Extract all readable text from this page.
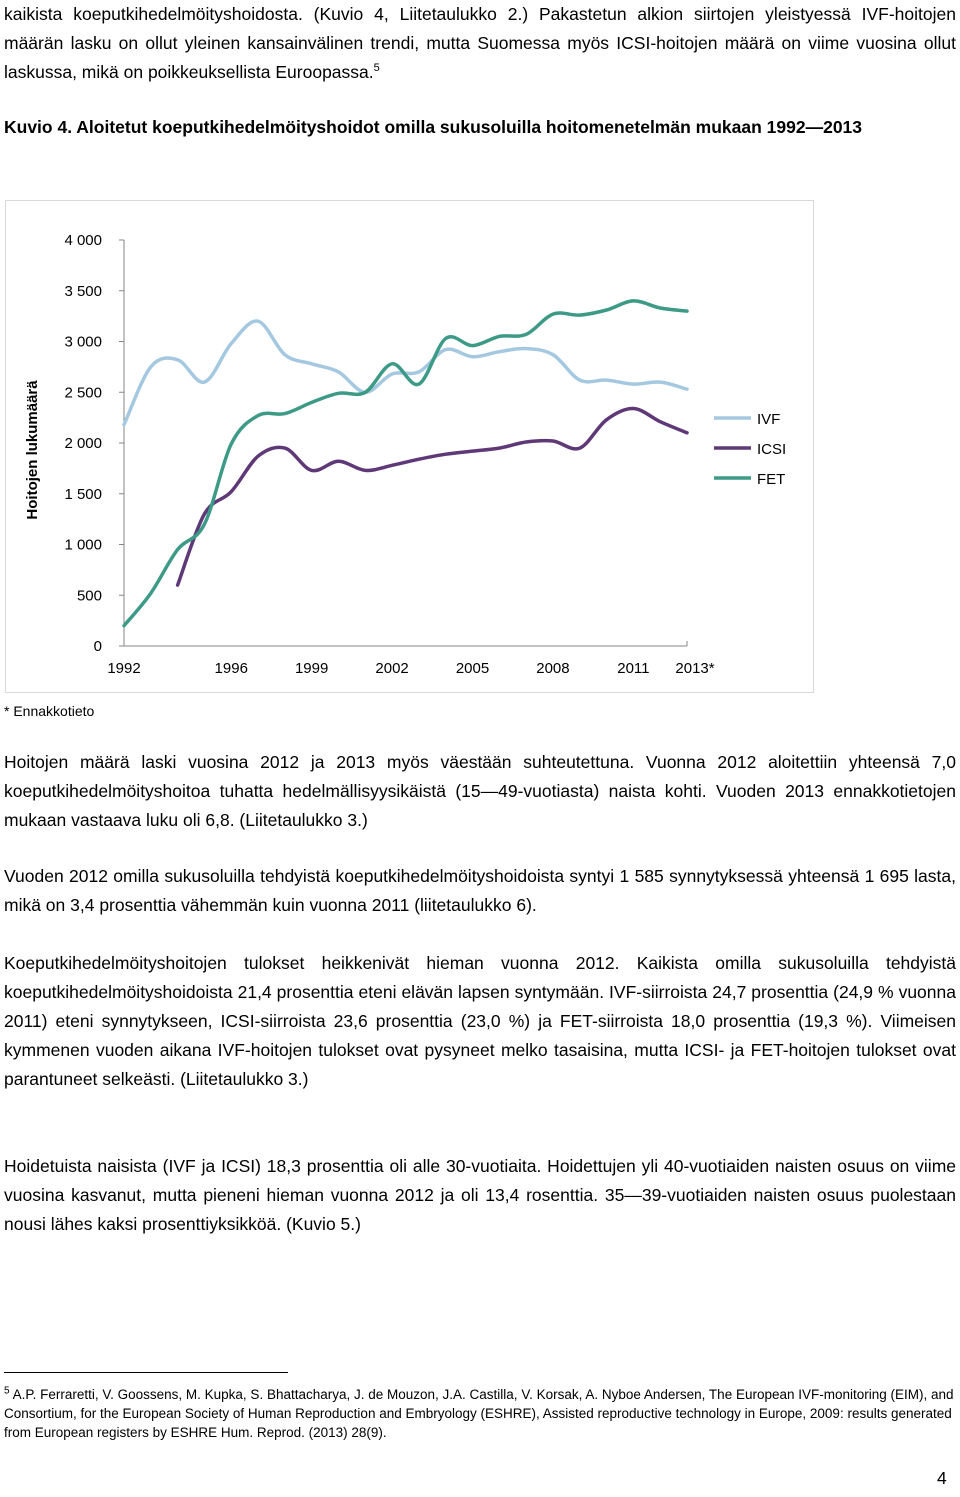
kaikista koeputkihedelmöityshoidosta. (Kuvio 4, Liitetaulukko 2.) Pakastetun alkion siirtojen yleistyessä IVF-hoitojen määrän lasku on ollut yleinen kansainvälinen trendi, mutta Suomessa myös ICSI-hoitojen määrä on viime vuosina ollut laskussa, mikä on poikkeuksellista Euroopassa.$^5$

Kuvio 4. Aloitetut koeputkihedelmöityshoidot omilla sukusoluilla hoitomenetelmän mukaan 1992—2013

0
500
1 000
1 500
2 000
2 500
3 000
3 500
4 000
1992	1996	1999	2002	2005	2008	2011 2013*
IVF
ICSI
FET
Hoitojen lukumäärä

* Ennakkotieto

Hoitojen määrä laski vuosina 2012 ja 2013 myös väestään suhteutettuna. Vuonna 2012 aloitettiin yhteensä 7,0 koeputkihedelmöityshoitoa tuhatta hedelmällisyysikäistä (15—49-vuotiasta) naista kohti. Vuoden 2013 ennakkotietojen mukaan vastaava luku oli 6,8. (Liitetaulukko 3.)

Vuoden 2012 omilla sukusoluilla tehdyistä koeputkihedelmöityshoidoista syntyi 1 585 synnytyksessä yhteensä 1 695 lasta, mikä on 3,4 prosenttia vähemmän kuin vuonna 2011 (liitetaulukko 6).

Koeputkihedelmöityshoitojen tulokset heikkenivät hieman vuonna 2012. Kaikista omilla sukusoluilla tehdyistä koeputkihedelmöityshoidoista 21,4 prosenttia eteni elävän lapsen syntymään. IVF-siirroista 24,7 prosenttia (24,9 % vuonna 2011) eteni synnytykseen, ICSI-siirroista 23,6 prosenttia (23,0 %) ja FET-siirroista 18,0 prosenttia (19,3 %). Viimeisen kymmenen vuoden aikana IVF-hoitojen tulokset ovat pysyneet melko tasaisina, mutta ICSI- ja FET-hoitojen tulokset ovat parantuneet selkeästi. (Liitetaulukko 3.)

Hoidetuista naisista (IVF ja ICSI) 18,3 prosenttia oli alle 30-vuotiaita. Hoidettujen yli 40-vuotiaiden naisten osuus on viime vuosina kasvanut, mutta pieneni hieman vuonna 2012 ja oli 13,4 rosenttia. 35—39-vuotiaiden naisten osuus puolestaan nousi lähes kaksi prosenttiyksikköä. (Kuvio 5.)

$^5$ A.P. Ferraretti, V. Goossens, M. Kupka, S. Bhattacharya, J. de Mouzon, J.A. Castilla, V. Korsak, A. Nyboe Andersen, The European IVF-monitoring (EIM), and Consortium, for the European Society of Human Reproduction and Embryology (ESHRE), Assisted reproductive technology in Europe, 2009: results generated from European registers by ESHRE Hum. Reprod. (2013) 28(9).

4
